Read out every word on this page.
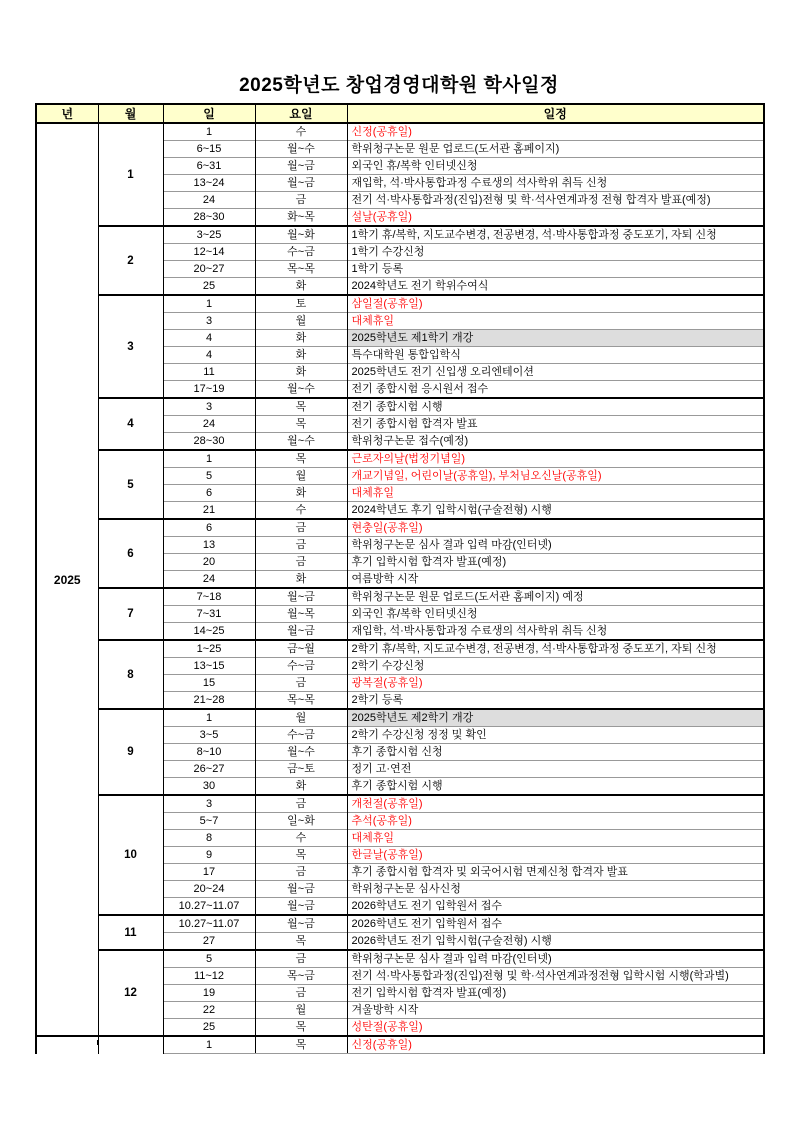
2025학년도 창업경영대학원 학사일정
년	월	일	요일	일정
2025	1	1	수	신정(공휴일)
		6~15	월~수	학위청구논문 원문 업로드(도서관 홈페이지)
		6~31	월~금	외국인 휴/복학 인터넷신청
		13~24	월~금	재입학, 석·박사통합과정 수료생의 석사학위 취득 신청
		24	금	전기 석·박사통합과정(진입)전형 및 학·석사연계과정 전형 합격자 발표(예정)
		28~30	화~목	설날(공휴일)
	2	3~25	월~화	1학기 휴/복학, 지도교수변경, 전공변경, 석·박사통합과정 중도포기, 자퇴 신청
		12~14	수~금	1학기 수강신청
		20~27	목~목	1학기 등록
		25	화	2024학년도 전기 학위수여식
	3	1	토	삼일절(공휴일)
		3	월	대체휴일
		4	화	2025학년도 제1학기 개강
		4	화	특수대학원 통합입학식
		11	화	2025학년도 전기 신입생 오리엔테이션
		17~19	월~수	전기 종합시험 응시원서 접수
	4	3	목	전기 종합시험 시행
		24	목	전기 종합시험 합격자 발표
		28~30	월~수	학위청구논문 접수(예정)
	5	1	목	근로자의날(법정기념일)
		5	월	개교기념일, 어린이날(공휴일), 부처님오신날(공휴일)
		6	화	대체휴일
		21	수	2024학년도 후기 입학시험(구술전형) 시행
	6	6	금	현충일(공휴일)
		13	금	학위청구논문 심사 결과 입력 마감(인터넷)
		20	금	후기 입학시험 합격자 발표(예정)
		24	화	여름방학 시작
	7	7~18	월~금	학위청구논문 원문 업로드(도서관 홈페이지) 예정
		7~31	월~목	외국인 휴/복학 인터넷신청
		14~25	월~금	재입학, 석·박사통합과정 수료생의 석사학위 취득 신청
	8	1~25	금~월	2학기 휴/복학, 지도교수변경, 전공변경, 석·박사통합과정 중도포기, 자퇴 신청
		13~15	수~금	2학기 수강신청
		15	금	광복절(공휴일)
		21~28	목~목	2학기 등록
	9	1	월	2025학년도 제2학기 개강
		3~5	수~금	2학기 수강신청 정정 및 확인
		8~10	월~수	후기 종합시험 신청
		26~27	금~토	정기 고·연전
		30	화	후기 종합시험 시행
	10	3	금	개천절(공휴일)
		5~7	일~화	추석(공휴일)
		8	수	대체휴일
		9	목	한글날(공휴일)
		17	금	후기 종합시험 합격자 및 외국어시험 면제신청 합격자 발표
		20~24	월~금	학위청구논문 심사신청
		10.27~11.07	월~금	2026학년도 전기 입학원서 접수
	11	10.27~11.07	월~금	2026학년도 전기 입학원서 접수
		27	목	2026학년도 전기 입학시험(구술전형) 시행
	12	5	금	학위청구논문 심사 결과 입력 마감(인터넷)
		11~12	목~금	전기 석·박사통합과정(진입)전형 및 학·석사연계과정전형 입학시험 시행(학과별)
		19	금	전기 입학시험 합격자 발표(예정)
		22	월	겨울방학 시작
		25	목	성탄절(공휴일)
		1	목	신정(공휴일)
